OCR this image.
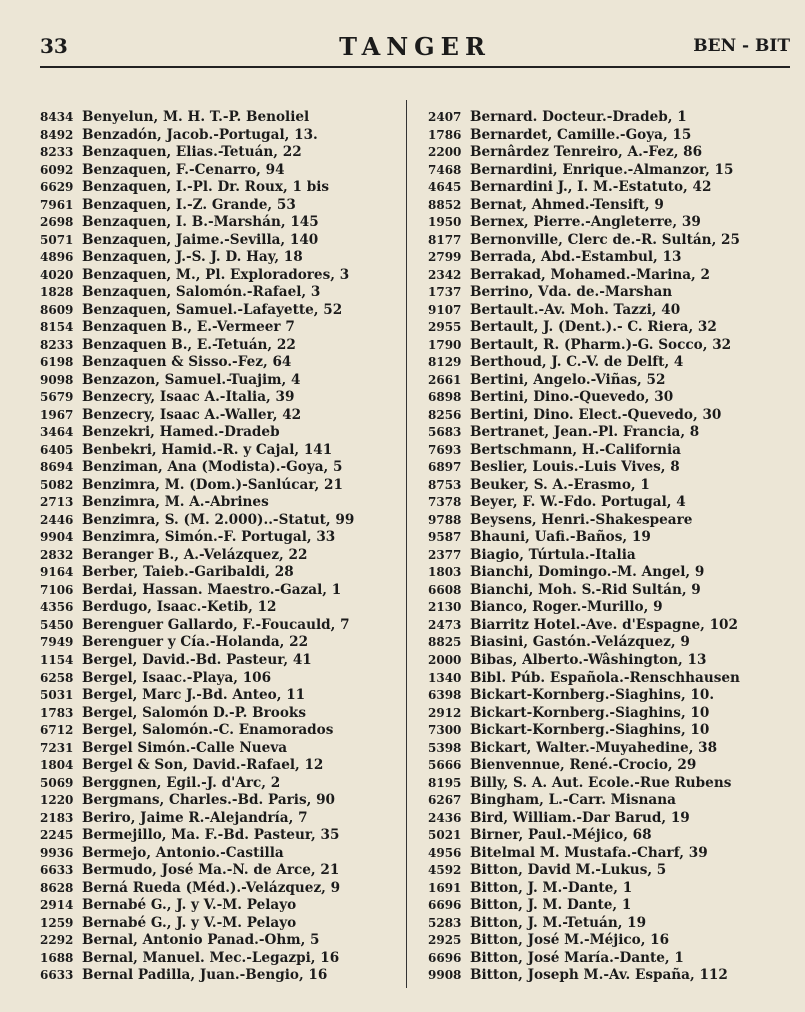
33	TANGER	BEN - BIT
8434 Benyelun, M. H. T.-P. Benoliel
8492 Benzadón, Jacob.-Portugal, 13.
8233 Benzaquen, Elias.-Tetuán, 22
6092 Benzaquen, F.-Cenarro, 94
6629 Benzaquen, I.-Pl. Dr. Roux, 1 bis
7961 Benzaquen, I.-Z. Grande, 53
2698 Benzaquen, I. B.-Marshán, 145
5071 Benzaquen, Jaime.-Sevilla, 140
4896 Benzaquen, J.-S. J. D. Hay, 18
4020 Benzaquen, M., Pl. Exploradores, 3
1828 Benzaquen, Salomón.-Rafael, 3
8609 Benzaquen, Samuel.-Lafayette, 52
8154 Benzaquen B., E.-Vermeer 7
8233 Benzaquen B., E.-Tetuán, 22
6198 Benzaquen & Sisso.-Fez, 64
9098 Benzazon, Samuel.-Tuajim, 4
5679 Benzecry, Isaac A.-Italia, 39
1967 Benzecry, Isaac A.-Waller, 42
3464 Benzekri, Hamed.-Dradeb
6405 Benbekri, Hamid.-R. y Cajal, 141
8694 Benziman, Ana (Modista).-Goya, 5
5082 Benzimra, M. (Dom.)-Sanlúcar, 21
2713 Benzimra, M. A.-Abrines
2446 Benzimra, S. (M. 2.000)..-Statut, 99
9904 Benzimra, Simón.-F. Portugal, 33
2832 Beranger B., A.-Velázquez, 22
9164 Berber, Taieb.-Garibaldi, 28
7106 Berdai, Hassan. Maestro.-Gazal, 1
4356 Berdugo, Isaac.-Ketib, 12
5450 Berenguer Gallardo, F.-Foucauld, 7
7949 Berenguer y Cía.-Holanda, 22
1154 Bergel, David.-Bd. Pasteur, 41
6258 Bergel, Isaac.-Playa, 106
5031 Bergel, Marc J.-Bd. Anteo, 11
1783 Bergel, Salomón D.-P. Brooks
6712 Bergel, Salomón.-C. Enamorados
7231 Bergel Simón.-Calle Nueva
1804 Bergel & Son, David.-Rafael, 12
5069 Berggnen, Egil.-J. d'Arc, 2
1220 Bergmans, Charles.-Bd. Paris, 90
2183 Beriro, Jaime R.-Alejandría, 7
2245 Bermejillo, Ma. F.-Bd. Pasteur, 35
9936 Bermejo, Antonio.-Castilla
6633 Bermudo, José Ma.-N. de Arce, 21
8628 Berná Rueda (Méd.).-Velázquez, 9
2914 Bernabé G., J. y V.-M. Pelayo
1259 Bernabé G., J. y V.-M. Pelayo
2292 Bernal, Antonio Panad.-Ohm, 5
1688 Bernal, Manuel. Mec.-Legazpi, 16
6633 Bernal Padilla, Juan.-Bengio, 16
2407 Bernard. Docteur.-Dradeb, 1
1786 Bernardet, Camille.-Goya, 15
2200 Bernârdez Tenreiro, A.-Fez, 86
7468 Bernardini, Enrique.-Almanzor, 15
4645 Bernardini J., I. M.-Estatuto, 42
8852 Bernat, Ahmed.-Tensift, 9
1950 Bernex, Pierre.-Angleterre, 39
8177 Bernonville, Clerc de.-R. Sultán, 25
2799 Berrada, Abd.-Estambul, 13
2342 Berrakad, Mohamed.-Marina, 2
1737 Berrino, Vda. de.-Marshan
9107 Bertault.-Av. Moh. Tazzi, 40
2955 Bertault, J. (Dent.).- C. Riera, 32
1790 Bertault, R. (Pharm.)-G. Socco, 32
8129 Berthoud, J. C.-V. de Delft, 4
2661 Bertini, Angelo.-Viñas, 52
6898 Bertini, Dino.-Quevedo, 30
8256 Bertini, Dino. Elect.-Quevedo, 30
5683 Bertranet, Jean.-Pl. Francia, 8
7693 Bertschmann, H.-California
6897 Beslier, Louis.-Luis Vives, 8
8753 Beuker, S. A.-Erasmo, 1
7378 Beyer, F. W.-Fdo. Portugal, 4
9788 Beysens, Henri.-Shakespeare
9587 Bhauni, Uafi.-Baños, 19
2377 Biagio, Túrtula.-Italia
1803 Bianchi, Domingo.-M. Angel, 9
6608 Bianchi, Moh. S.-Rid Sultán, 9
2130 Bianco, Roger.-Murillo, 9
2473 Biarritz Hotel.-Ave. d'Espagne, 102
8825 Biasini, Gastón.-Velázquez, 9
2000 Bibas, Alberto.-Wâshington, 13
1340 Bibl. Púb. Española.-Renschhausen
6398 Bickart-Kornberg.-Siaghins, 10.
2912 Bickart-Kornberg.-Siaghins, 10
7300 Bickart-Kornberg.-Siaghins, 10
5398 Bickart, Walter.-Muyahedine, 38
5666 Bienvennue, René.-Crocio, 29
8195 Billy, S. A. Aut. Ecole.-Rue Rubens
6267 Bingham, L.-Carr. Misnana
2436 Bird, William.-Dar Barud, 19
5021 Birner, Paul.-Méjico, 68
4956 Bitelmal M. Mustafa.-Charf, 39
4592 Bitton, David M.-Lukus, 5
1691 Bitton, J. M.-Dante, 1
6696 Bitton, J. M. Dante, 1
5283 Bitton, J. M.-Tetuán, 19
2925 Bitton, José M.-Méjico, 16
6696 Bitton, José María.-Dante, 1
9908 Bitton, Joseph M.-Av. España, 112
